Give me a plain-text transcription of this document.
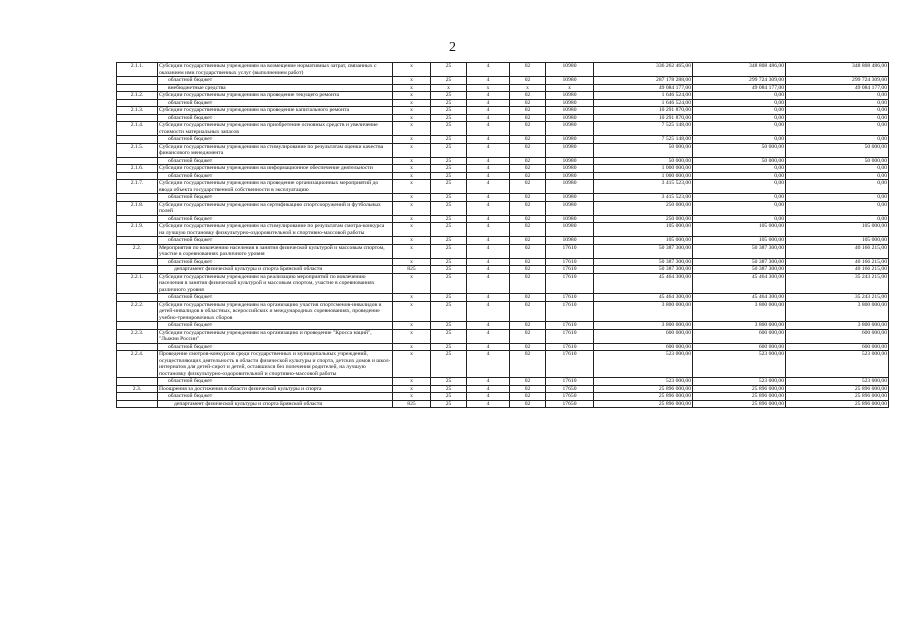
2
2.1.1.	Субсидии государственным учреждениям на возмещение нормативных затрат, связанных с оказанием ими государственных услуг (выполнением работ)	х	25	4	02	10980	336 262 465,00	348 808 486,00	348 808 486,00
	областной бюджет	х	25	4	02	10980	287 178 288,00	299 724 309,00	299 724 309,00
	внебюджетные средства	х	х	х	х	х	49 084 177,00	49 084 177,00	49 084 177,00
2.1.2.	Субсидии государственным учреждениям на проведение текущего ремонта	х	25	4	02	10980	1 646 524,00	0,00	0,00
	областной бюджет	х	25	4	02	10980	1 646 524,00	0,00	0,00
2.1.3.	Субсидии государственным учреждениям на проведение капитального ремонта	х	25	4	02	10980	10 291 870,00	0,00	0,00
	областной бюджет	х	25	4	02	10980	10 291 870,00	0,00	0,00
2.1.4.	Субсидии государственным учреждениям на приобретение основных средств и увеличение стоимости материальных запасов	х	25	4	02	10980	7 525 148,00	0,00	0,00
	областной бюджет	х	25	4	02	10980	7 525 148,00	0,00	0,00
2.1.5.	Субсидии государственным учреждениям на стимулирование по результатам оценки качества финансового менеджмента	х	25	4	02	10980	50 000,00	50 000,00	50 000,00
	областной бюджет	х	25	4	02	10980	50 000,00	50 000,00	50 000,00
2.1.6.	Субсидии государственным учреждениям на информационное обеспечение деятельности	х	25	4	02	10980	1 000 000,00	0,00	0,00
	областной бюджет	х	25	4	02	10980	1 000 000,00	0,00	0,00
2.1.7.	Субсидии государственным учреждениям на проведение организационных мероприятий до ввода объекта государственной собственности в эксплуатацию	х	25	4	02	10980	3 415 523,00	0,00	0,00
	областной бюджет	х	25	4	02	10980	3 415 523,00	0,00	0,00
2.1.8.	Субсидии государственным учреждениям на сертификацию спортсооружений и футбольных полей	х	25	4	02	10980	250 000,00	0,00	0,00
	областной бюджет	х	25	4	02	10980	250 000,00	0,00	0,00
2.1.9.	Субсидии государственным учреждениям на стимулирование по результатам смотра-конкурса на лучшую постановку физкультурно-оздоровительной и спортивно-массовой работы	х	25	4	02	10980	105 000,00	105 000,00	105 000,00
	областной бюджет	х	25	4	02	10980	105 000,00	105 000,00	105 000,00
2.2.	Мероприятия по вовлечению населения в занятия физической культурой и массовым спортом, участие в соревнованиях различного уровня	х	25	4	02	17610	50 387 300,00	50 387 300,00	40 166 215,00
	областной бюджет	х	25	4	02	17610	50 387 300,00	50 387 300,00	40 166 215,00
	департамент физической культуры и спорта Брянской области	825	25	4	02	17610	50 387 300,00	50 387 300,00	40 166 215,00
2.2.1.	Субсидии государственным учреждениям на реализацию мероприятий по вовлечению населения в занятия физической культурой и массовым спортом, участие в соревнованиях различного уровня	х	25	4	02	17610	45 464 300,00	45 464 300,00	35 243 215,00
	областной бюджет	х	25	4	02	17610	45 464 300,00	45 464 300,00	35 243 215,00
2.2.2.	Субсидии государственным учреждениям на организацию участия спортсменов-инвалидов и детей-инвалидов в областных, всероссийских и международных соревнованиях, проведение учебно-тренировочных сборов	х	25	4	02	17610	3 800 000,00	3 800 000,00	3 800 000,00
	областной бюджет	х	25	4	02	17610	3 800 000,00	3 800 000,00	3 800 000,00
2.2.3.	Субсидии государственным учреждениям на организацию и проведение "Кросса наций", "Лыжни России"	х	25	4	02	17610	600 000,00	600 000,00	600 000,00
	областной бюджет	х	25	4	02	17610	600 000,00	600 000,00	600 000,00
2.2.4.	Проведение смотров-конкурсов среди государственных и муниципальных учреждений, осуществляющих деятельность в области физической культуры и спорта, детских домов и школ-интернатов для детей-сирот и детей, оставшихся без попечения родителей, на лучшую постановку физкультурно-оздоровительной и спортивно-массовой работы	х	25	4	02	17610	523 000,00	523 000,00	523 000,00
	областной бюджет	х	25	4	02	17610	523 000,00	523 000,00	523 000,00
2.3.	Поощрения за достижения в области физической культуры и спорта	х	25	4	02	17650	25 896 000,00	25 896 000,00	25 896 000,00
	областной бюджет	х	25	4	02	17650	25 896 000,00	25 896 000,00	25 896 000,00
	департамент физической культуры и спорта Брянской области	825	25	4	02	17650	25 896 000,00	25 896 000,00	25 896 000,00
